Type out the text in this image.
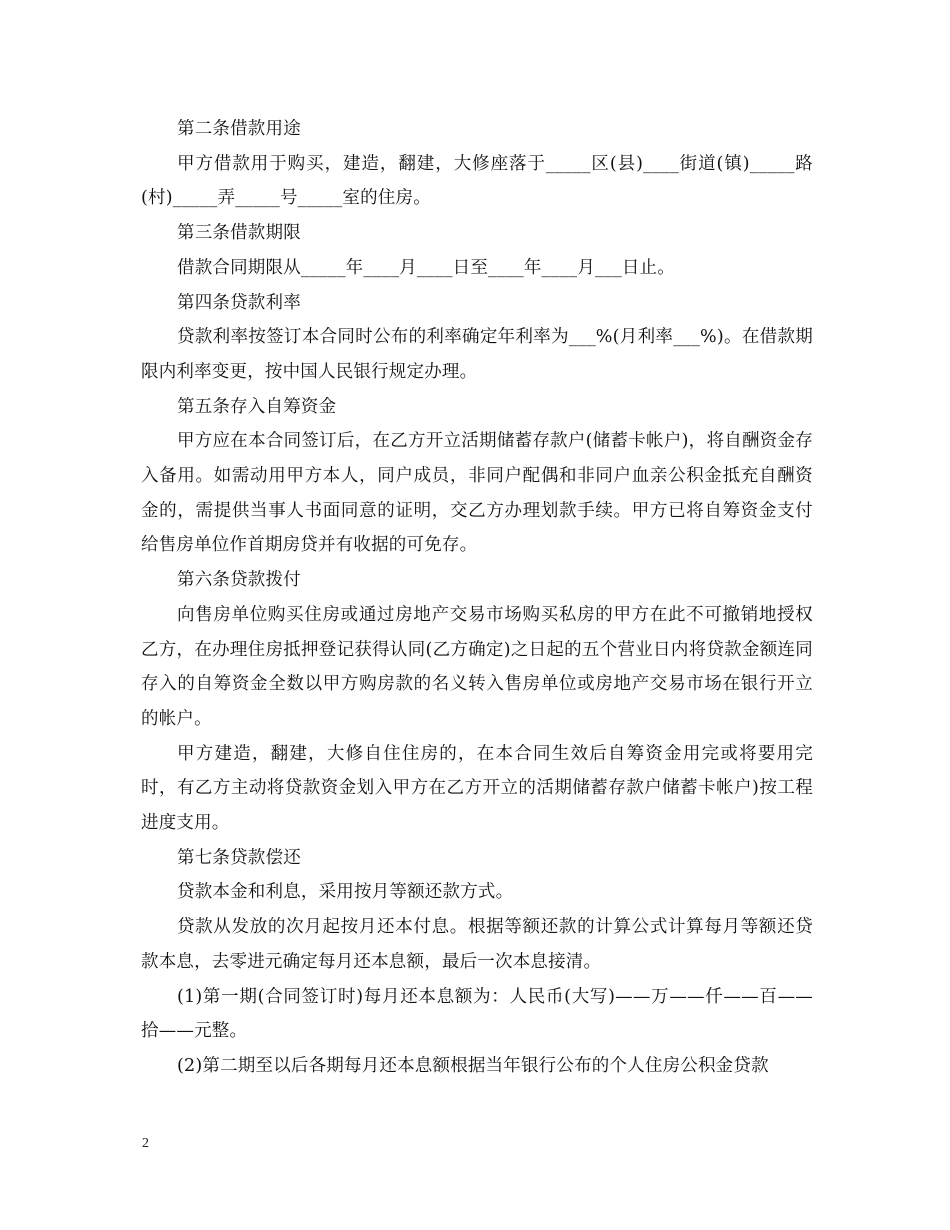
第二条借款用途

甲方借款用于购买，建造，翻建，大修座落于_____区(县)____街道(镇)_____路(村)_____弄_____号_____室的住房。

第三条借款期限

借款合同期限从_____年____月____日至____年____月___日止。

第四条贷款利率

贷款利率按签订本合同时公布的利率确定年利率为___%(月利率___%)。在借款期限内利率变更，按中国人民银行规定办理。

第五条存入自筹资金

甲方应在本合同签订后，在乙方开立活期储蓄存款户(储蓄卡帐户)，将自酬资金存入备用。如需动用甲方本人，同户成员，非同户配偶和非同户血亲公积金抵充自酬资金的，需提供当事人书面同意的证明，交乙方办理划款手续。甲方已将自筹资金支付给售房单位作首期房贷并有收据的可免存。

第六条贷款拨付

向售房单位购买住房或通过房地产交易市场购买私房的甲方在此不可撤销地授权乙方，在办理住房抵押登记获得认同(乙方确定)之日起的五个营业日内将贷款金额连同存入的自筹资金全数以甲方购房款的名义转入售房单位或房地产交易市场在银行开立的帐户。

甲方建造，翻建，大修自住住房的，在本合同生效后自筹资金用完或将要用完时，有乙方主动将贷款资金划入甲方在乙方开立的活期储蓄存款户储蓄卡帐户)按工程进度支用。

第七条贷款偿还

贷款本金和利息，采用按月等额还款方式。

贷款从发放的次月起按月还本付息。根据等额还款的计算公式计算每月等额还贷款本息，去零进元确定每月还本息额，最后一次本息接清。

(1)第一期(合同签订时)每月还本息额为：人民币(大写)——万——仟——百——拾——元整。

(2)第二期至以后各期每月还本息额根据当年银行公布的个人住房公积金贷款

2
